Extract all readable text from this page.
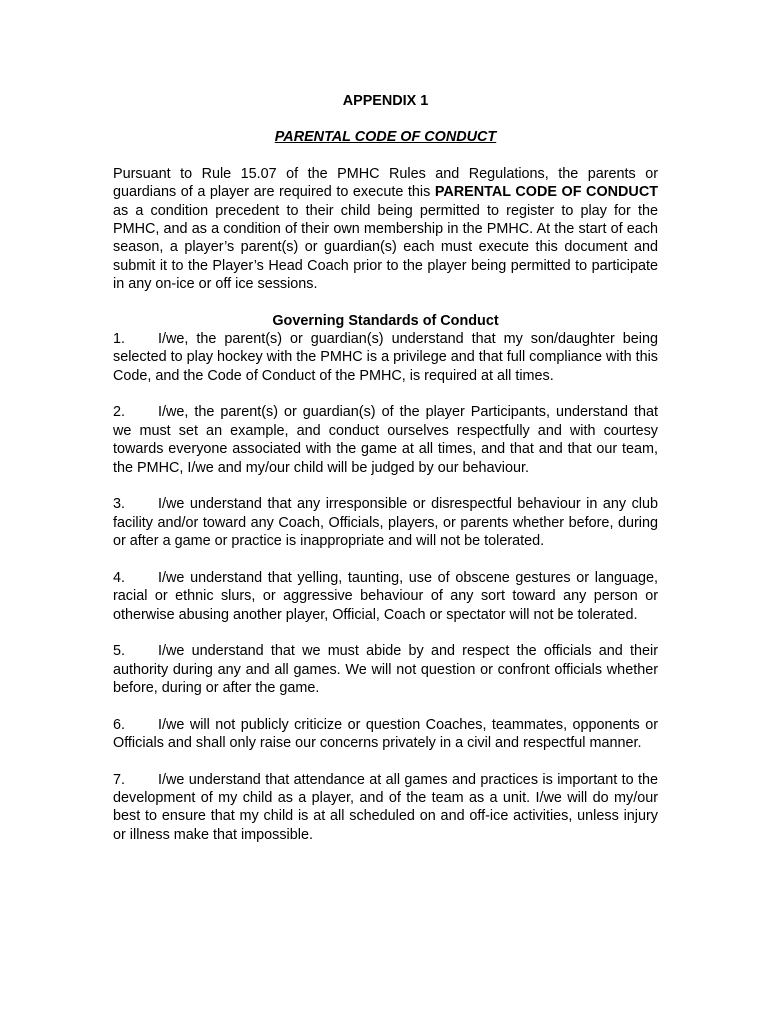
APPENDIX 1

PARENTAL CODE OF CONDUCT

Pursuant to Rule 15.07 of the PMHC Rules and Regulations, the parents or guardians of a player are required to execute this PARENTAL CODE OF CONDUCT as a condition precedent to their child being permitted to register to play for the PMHC, and as a condition of their own membership in the PMHC. At the start of each season, a player’s parent(s) or guardian(s) each must execute this document and submit it to the Player’s Head Coach prior to the player being permitted to participate in any on-ice or off ice sessions.

Governing Standards of Conduct

1. I/we, the parent(s) or guardian(s) understand that my son/daughter being selected to play hockey with the PMHC is a privilege and that full compliance with this Code, and the Code of Conduct of the PMHC, is required at all times.

2. I/we, the parent(s) or guardian(s) of the player Participants, understand that we must set an example, and conduct ourselves respectfully and with courtesy towards everyone associated with the game at all times, and that and that our team, the PMHC, I/we and my/our child will be judged by our behaviour.

3. I/we understand that any irresponsible or disrespectful behaviour in any club facility and/or toward any Coach, Officials, players, or parents whether before, during or after a game or practice is inappropriate and will not be tolerated.

4. I/we understand that yelling, taunting, use of obscene gestures or language, racial or ethnic slurs, or aggressive behaviour of any sort toward any person or otherwise abusing another player, Official, Coach or spectator will not be tolerated.

5. I/we understand that we must abide by and respect the officials and their authority during any and all games. We will not question or confront officials whether before, during or after the game.

6. I/we will not publicly criticize or question Coaches, teammates, opponents or Officials and shall only raise our concerns privately in a civil and respectful manner.

7. I/we understand that attendance at all games and practices is important to the development of my child as a player, and of the team as a unit. I/we will do my/our best to ensure that my child is at all scheduled on and off-ice activities, unless injury or illness make that impossible.
